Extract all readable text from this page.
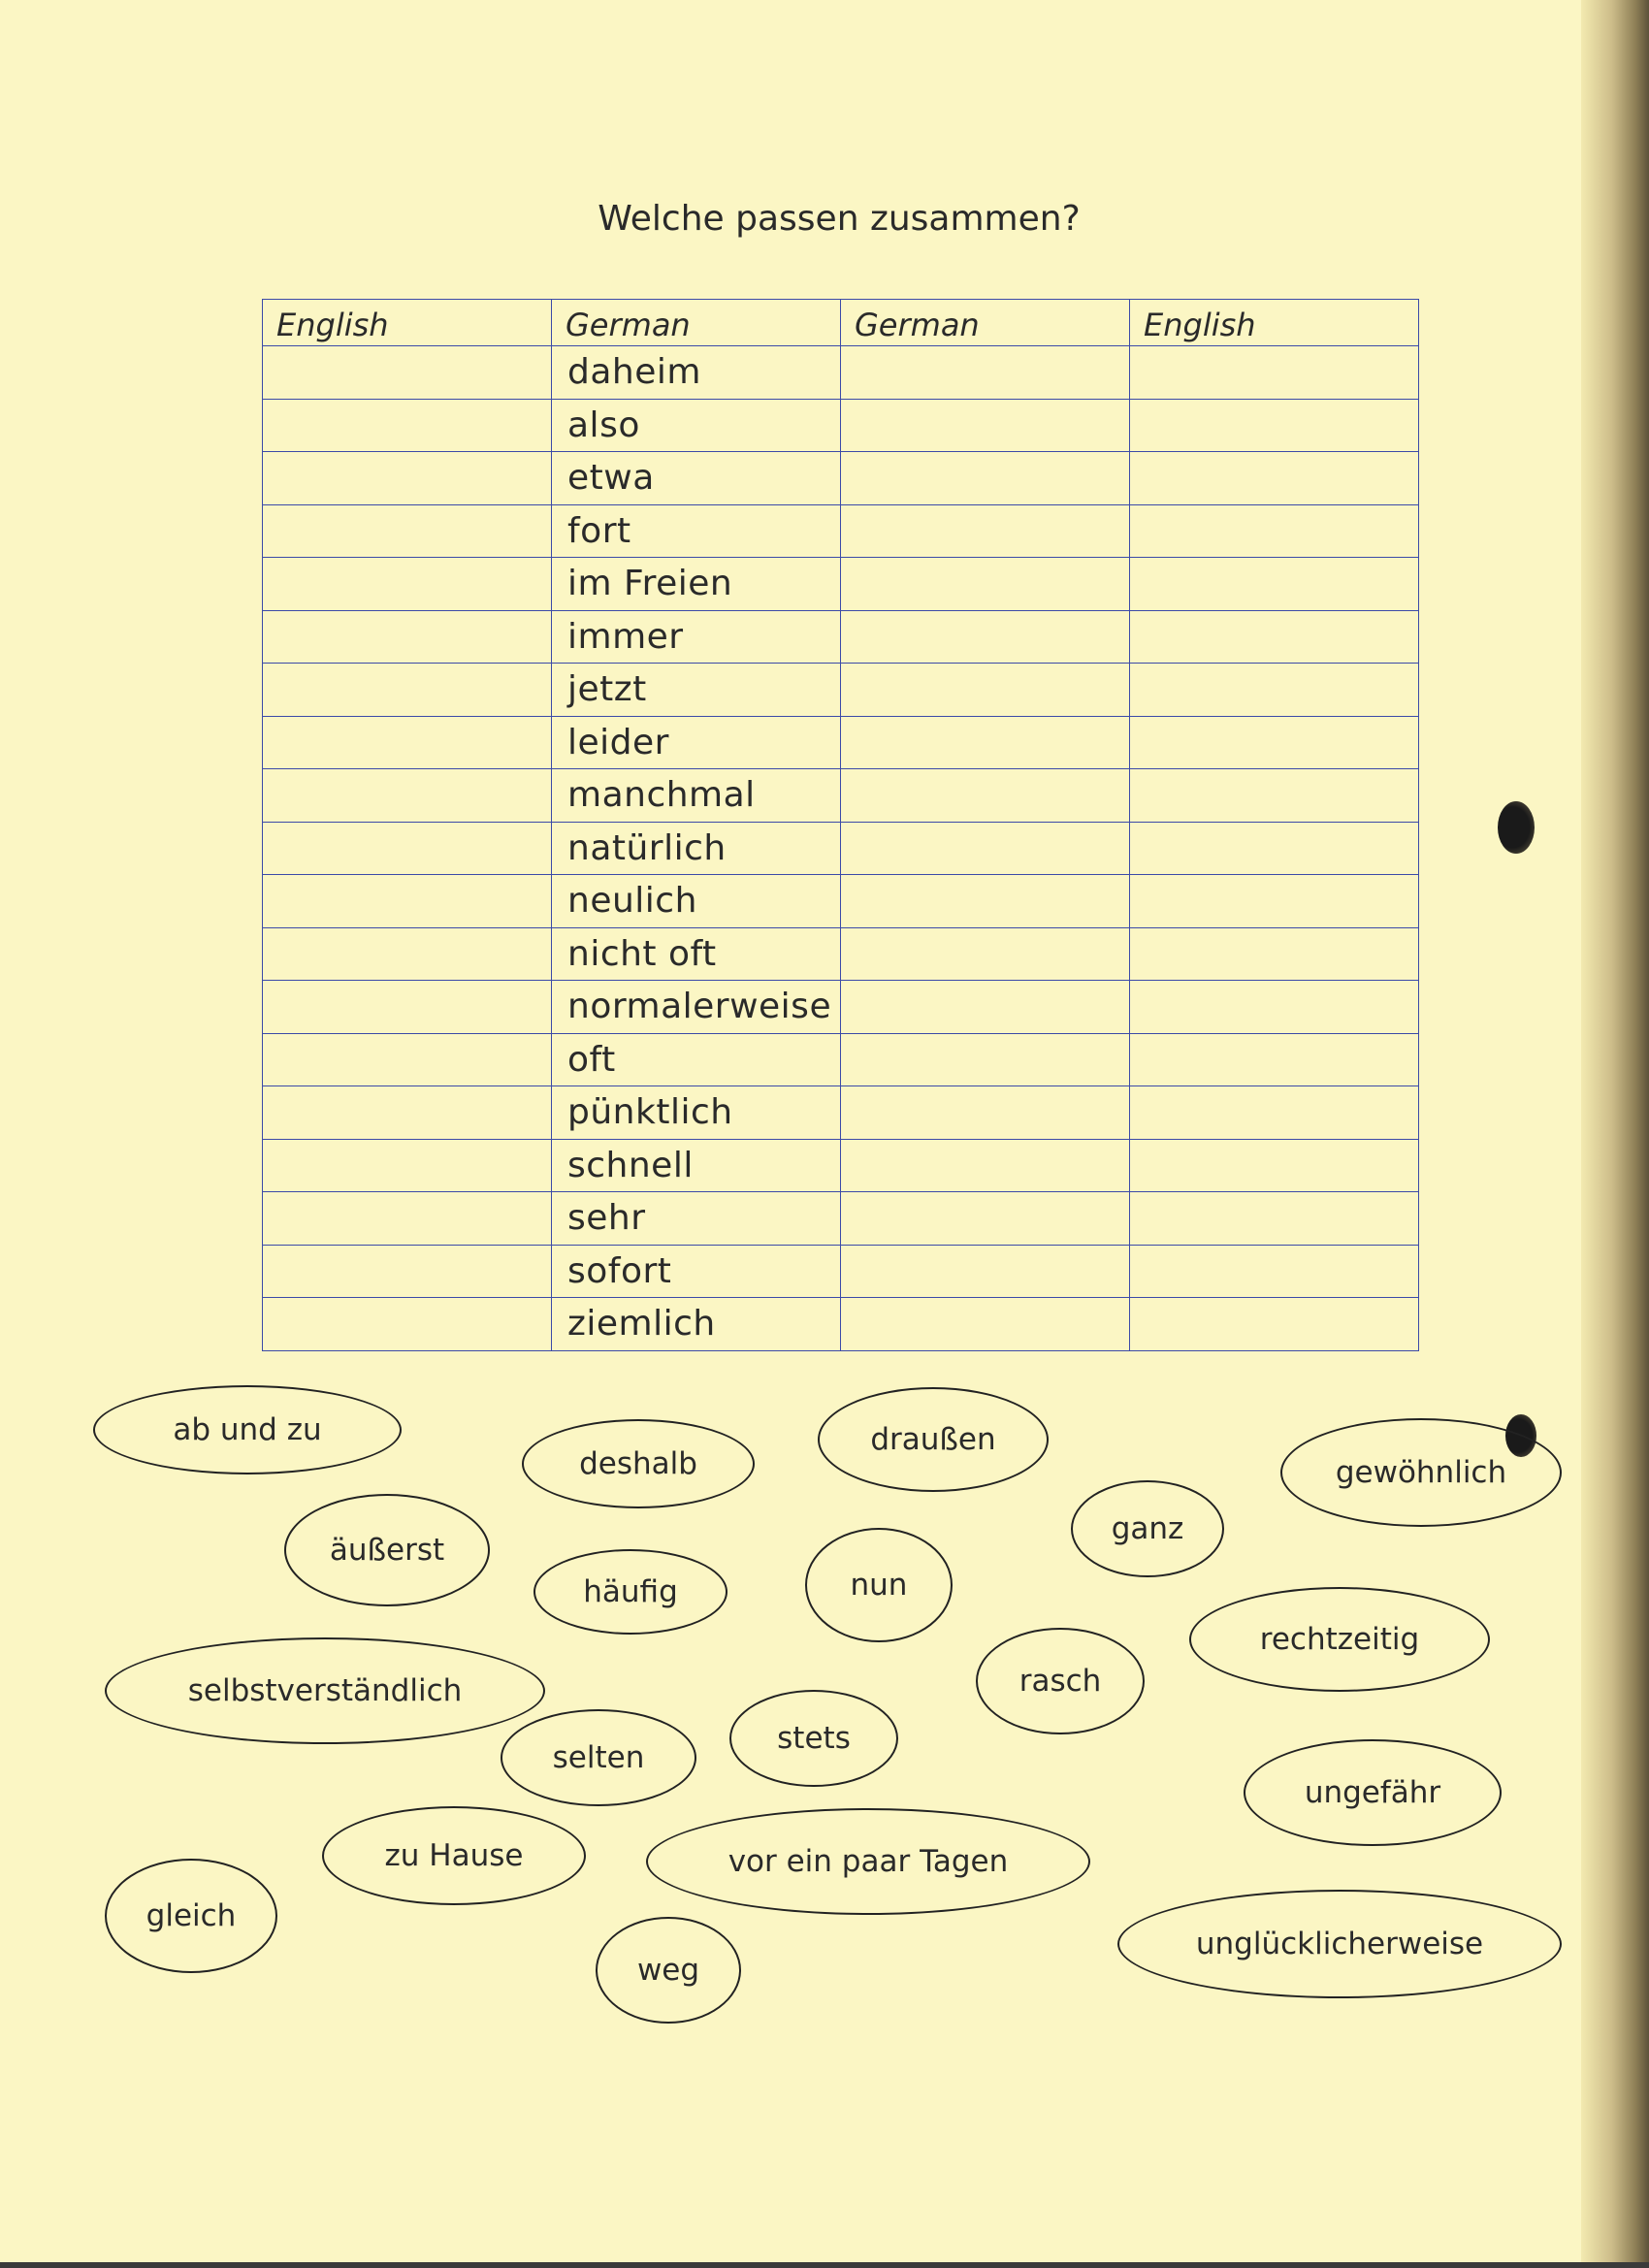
Welche passen zusammen?
English	German	German	English
	daheim		
	also		
	etwa		
	fort		
	im Freien		
	immer		
	jetzt		
	leider		
	manchmal		
	natürlich		
	neulich		
	nicht oft		
	normalerweise		
	oft		
	pünktlich		
	schnell		
	sehr		
	sofort		
	ziemlich		
ab und zu
deshalb
draußen
gewöhnlich
äußerst
häufig	nun
ganz
rechtzeitig
selbstverständlich	rasch
selten
stets
ungefähr
zu Hause	vor ein paar Tagen
gleich
weg
unglücklicherweise
